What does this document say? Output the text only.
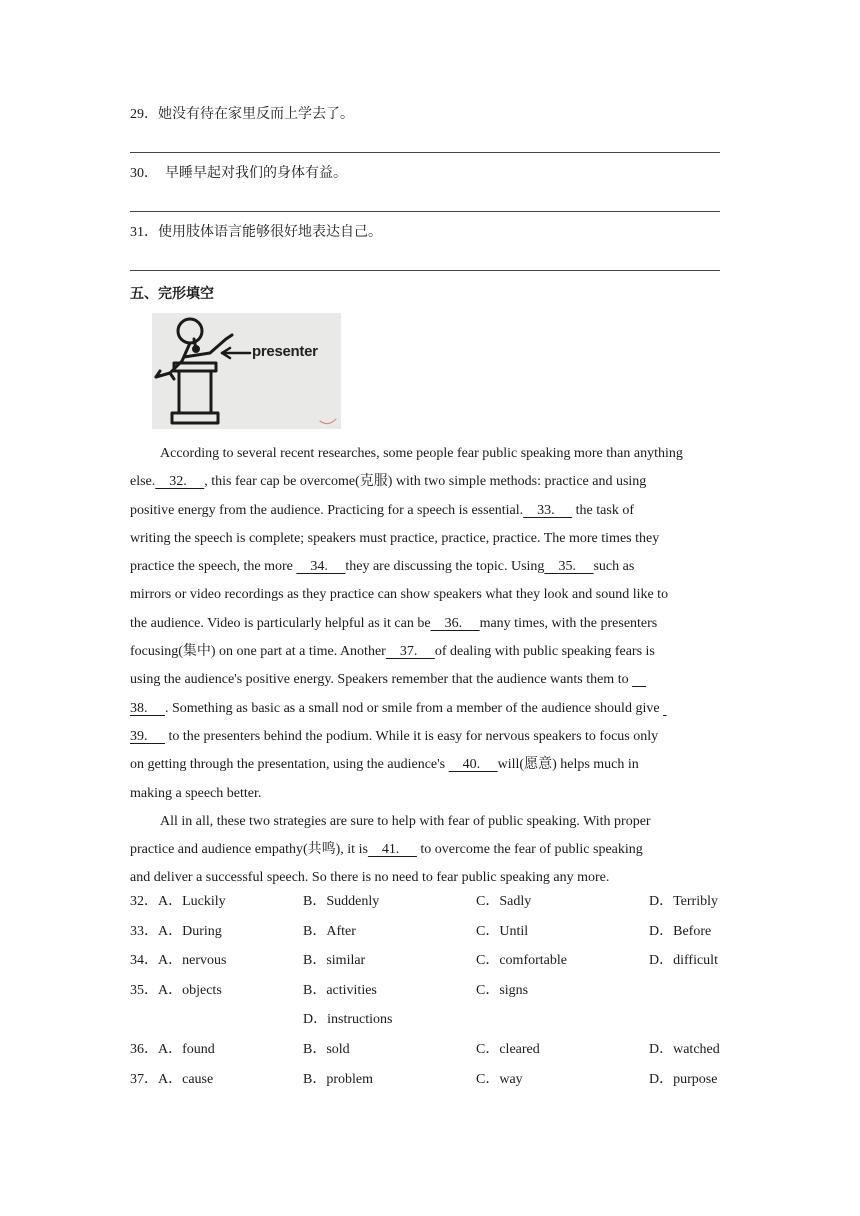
29．她没有待在家里反而上学去了。
30．  早睡早起对我们的身体有益。
31．使用肢体语言能够很好地表达自己。
五、完形填空
presenter

According to several recent researches, some people fear public speaking more than anything

else.    32.     , this fear cap be overcome(克服) with two simple methods: practice and using

positive energy from the audience. Practicing for a speech is essential.    33.      the task of

writing the speech is complete; speakers must practice, practice, practice. The more times they

practice the speech, the more     34.     they are discussing the topic. Using    35.     such as

mirrors or video recordings as they practice can show speakers what they look and sound like to

the audience. Video is particularly helpful as it can be    36.     many times, with the presenters

focusing(集中) on one part at a time. Another    37.     of dealing with public speaking fears is

using the audience's positive energy. Speakers remember that the audience wants them to

38.     . Something as basic as a small nod or smile from a member of the audience should give

39.      to the presenters behind the podium. While it is easy for nervous speakers to focus only

on getting through the presentation, using the audience's     40.     will(愿意) helps much in

making a speech better.

All in all, these two strategies are sure to help with fear of public speaking. With proper

practice and audience empathy(共鸣), it is    41.      to overcome the fear of public speaking

and deliver a successful speech. So there is no need to fear public speaking any more.

32．A．Luckily	B．Suddenly	C．Sadly	D．Terribly
33．A．During	B．After	C．Until	D．Before
34．A．nervous	B．similar	C．comfortable	D．difficult
35．A．objects	B．activities	C．signs
D．instructions
36．A．found	B．sold	C．cleared	D．watched
37．A．cause	B．problem	C．way	D．purpose
